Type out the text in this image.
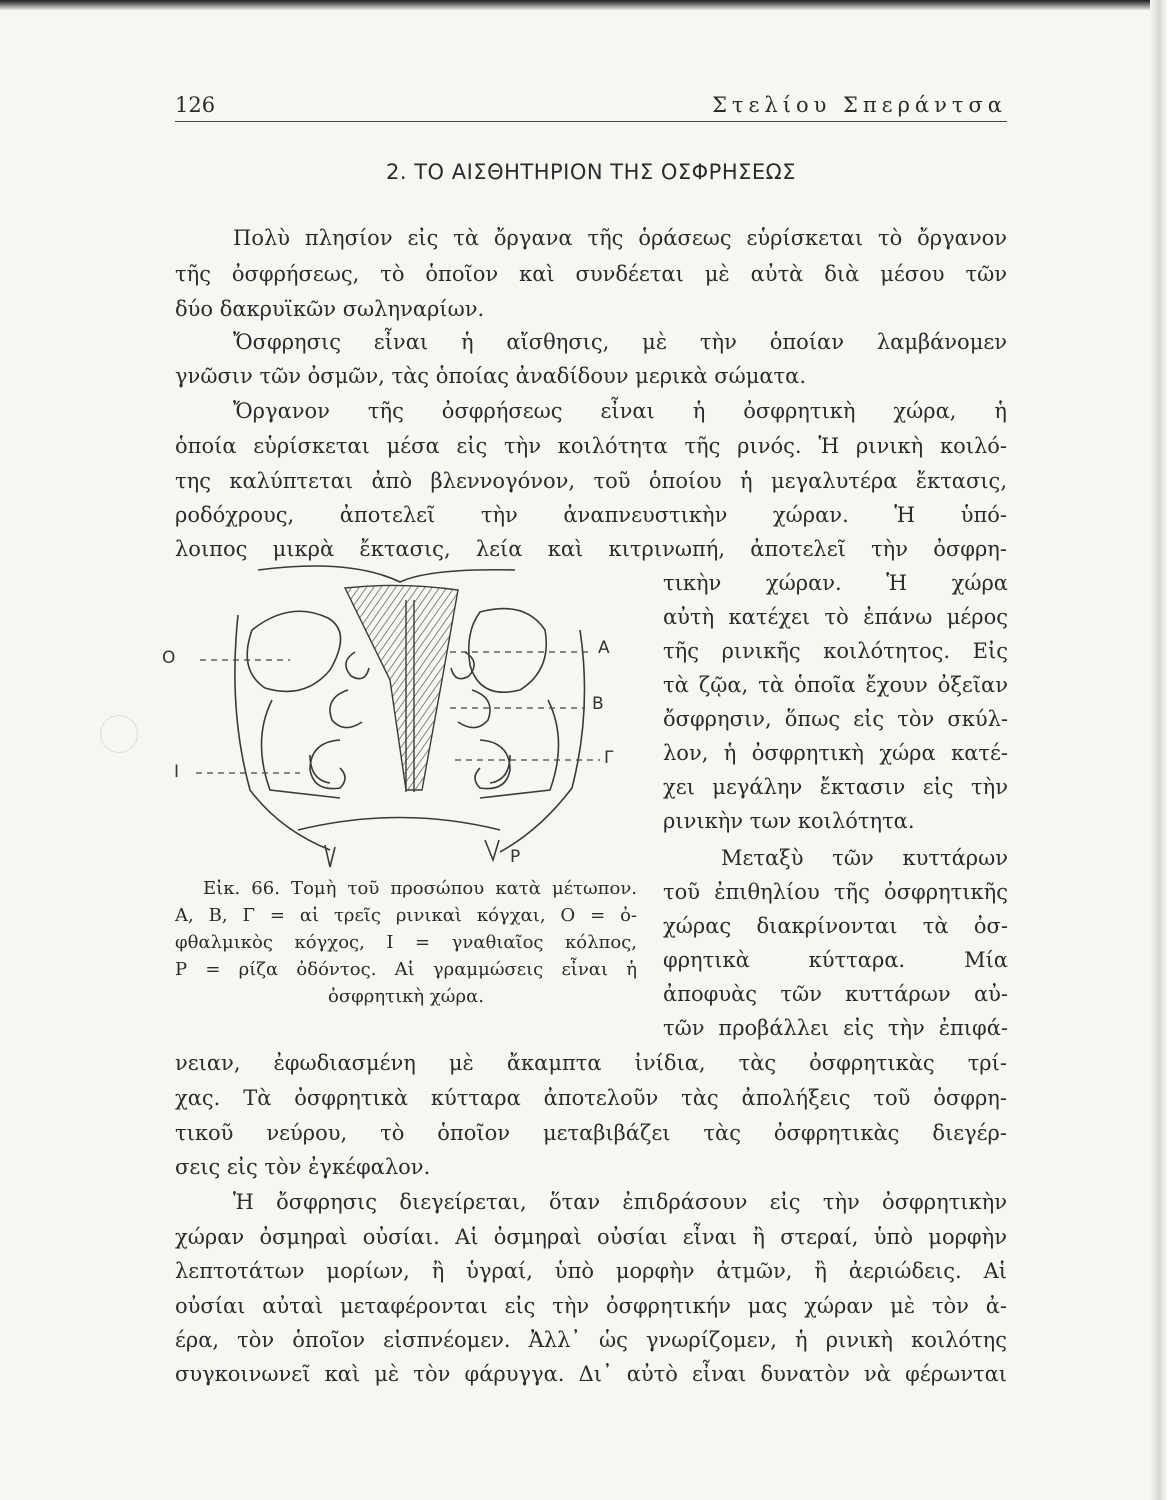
126	Στελίου Σπεράντσα
2. ΤΟ ΑΙΣΘΗΤΗΡΙΟΝ ΤΗΣ ΟΣΦΡΗΣΕΩΣ
Πολὺ πλησίον εἰς τὰ ὄργανα τῆς ὁράσεως εὑρίσκεται τὸ ὄργανον
τῆς ὀσφρήσεως, τὸ ὁποῖον καὶ συνδέεται μὲ αὐτὰ διὰ μέσου τῶν
δύο δακρυϊκῶν σωληναρίων.
Ὄσφρησις εἶναι ἡ αἴσθησις, μὲ τὴν ὁποίαν λαμβάνομεν
γνῶσιν τῶν ὀσμῶν, τὰς ὁποίας ἀναδίδουν μερικὰ σώματα.
Ὄργανον τῆς ὀσφρήσεως εἶναι ἡ ὀσφρητικὴ χώρα, ἡ
ὁποία εὑρίσκεται μέσα εἰς τὴν κοιλότητα τῆς ρινός. Ἡ ρινικὴ κοιλό-
της καλύπτεται ἀπὸ βλεννογόνον, τοῦ ὁποίου ἡ μεγαλυτέρα ἔκτασις,
ροδόχρους, ἀποτελεῖ τὴν ἀναπνευστικὴν χώραν. Ἡ ὑπό-
λοιπος μικρὰ ἔκτασις, λεία καὶ κιτρινωπή, ἀποτελεῖ τὴν ὀσφρη-
τικὴν χώραν. Ἡ χώρα
αὐτὴ κατέχει τὸ ἐπάνω μέρος
τῆς ρινικῆς κοιλότητος. Εἰς
τὰ ζῷα, τὰ ὁποῖα ἔχουν ὀξεῖαν
ὄσφρησιν, ὅπως εἰς τὸν σκύλ-
λον, ἡ ὀσφρητικὴ χώρα κατέ-
χει μεγάλην ἔκτασιν εἰς τὴν
ρινικὴν των κοιλότητα.
Μεταξὺ τῶν κυττάρων
τοῦ ἐπιθηλίου τῆς ὀσφρητικῆς
χώρας διακρίνονται τὰ ὀσ-
φρητικὰ κύτταρα. Μία
ἀποφυὰς τῶν κυττάρων αὐ-
τῶν προβάλλει εἰς τὴν ἐπιφά-
O
I
A
B
Γ
P
Εἰκ. 66. Τομὴ τοῦ προσώπου κατὰ μέτωπον.
Α, Β, Γ = αἱ τρεῖς ρινικαὶ κόγχαι, Ο = ὀ-
φθαλμικὸς κόγχος, Ι = γναθιαῖος κόλπος,
Ρ = ρίζα ὀδόντος. Αἱ γραμμώσεις εἶναι ἡ
ὀσφρητικὴ χώρα.
νειαν, ἐφωδιασμένη μὲ ἄκαμπτα ἰνίδια, τὰς ὀσφρητικὰς τρί-
χας. Τὰ ὀσφρητικὰ κύτταρα ἀποτελοῦν τὰς ἀπολήξεις τοῦ ὀσφρη-
τικοῦ νεύρου, τὸ ὁποῖον μεταβιβάζει τὰς ὀσφρητικὰς διεγέρ-
σεις εἰς τὸν ἐγκέφαλον.
Ἡ ὄσφρησις διεγείρεται, ὅταν ἐπιδράσουν εἰς τὴν ὀσφρητικὴν
χώραν ὀσμηραὶ οὐσίαι. Αἱ ὀσμηραὶ οὐσίαι εἶναι ἢ στεραί, ὑπὸ μορφὴν
λεπτοτάτων μορίων, ἢ ὑγραί, ὑπὸ μορφὴν ἀτμῶν, ἢ ἀεριώδεις. Αἱ
οὐσίαι αὐταὶ μεταφέρονται εἰς τὴν ὀσφρητικήν μας χώραν μὲ τὸν ἀ-
έρα, τὸν ὁποῖον εἰσπνέομεν. Ἀλλ᾽ ὡς γνωρίζομεν, ἡ ρινικὴ κοιλότης
συγκοινωνεῖ καὶ μὲ τὸν φάρυγγα. Δι᾽ αὐτὸ εἶναι δυνατὸν νὰ φέρωνται
